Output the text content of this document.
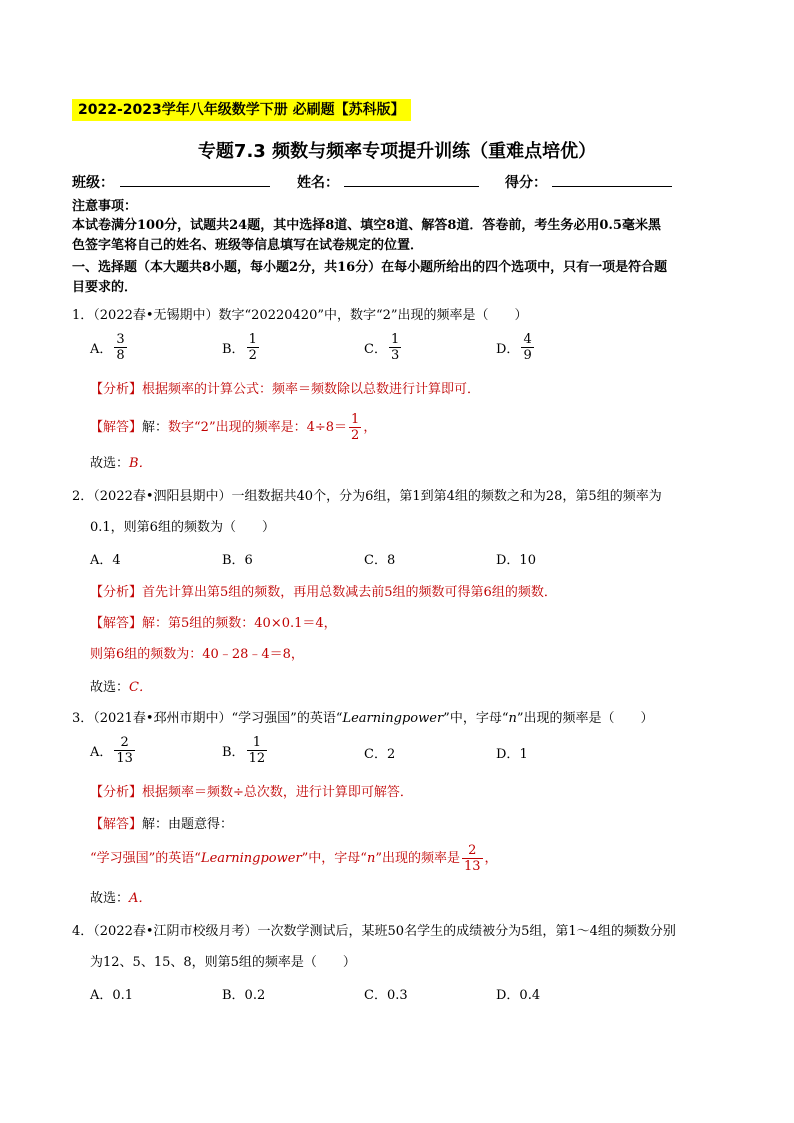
2022-2023学年八年级数学下册 必刷题【苏科版】
专题7.3 频数与频率专项提升训练（重难点培优）
班级：	姓名：	得分：
注意事项：
本试卷满分100分，试题共24题，其中选择8道、填空8道、解答8道．答卷前，考生务必用0.5毫米黑
色签字笔将自己的姓名、班级等信息填写在试卷规定的位置．
一、选择题（本大题共8小题，每小题2分，共16分）在每小题所给出的四个选项中，只有一项是符合题
目要求的．
1．（2022春•无锡期中）数字“20220420”中，数字“2”出现的频率是（　　）
A． $\frac{3}{8}$	B． $\frac{1}{2}$	C． $\frac{1}{3}$	D． $\frac{4}{9}$
【分析】根据频率的计算公式：频率＝频数除以总数进行计算即可．
【解答】解：数字“2”出现的频率是：$4\div 8= \frac{1}{2}$ ，
故选：B．
2．（2022春•泗阳县期中）一组数据共40个，分为6组，第1到第4组的频数之和为28，第5组的频率为
0.1，则第6组的频数为（　　）
A．4	B．6	C．8	D．10
【分析】首先计算出第5组的频数，再用总数减去前5组的频数可得第6组的频数．
【解答】解：第5组的频数：40×0.1＝4，
则第6组的频数为：40﹣28﹣4＝8，
故选：C．
3．（2021春•邳州市期中）“学习强国”的英语“Learningpower”中，字母“n”出现的频率是（　　）
A． $\frac{2}{13}$	B． $\frac{1}{12}$	C．2	D．1
【分析】根据频率＝频数÷总次数，进行计算即可解答．
【解答】解：由题意得：
“学习强国”的英语“Learningpower”中，字母“n”出现的频率是 $\frac{2}{13}$ ，
故选：A．
4．（2022春•江阴市校级月考）一次数学测试后，某班50名学生的成绩被分为5组，第1～4组的频数分别
为12、5、15、8，则第5组的频率是（　　）
A．0.1	B．0.2	C．0.3	D．0.4
